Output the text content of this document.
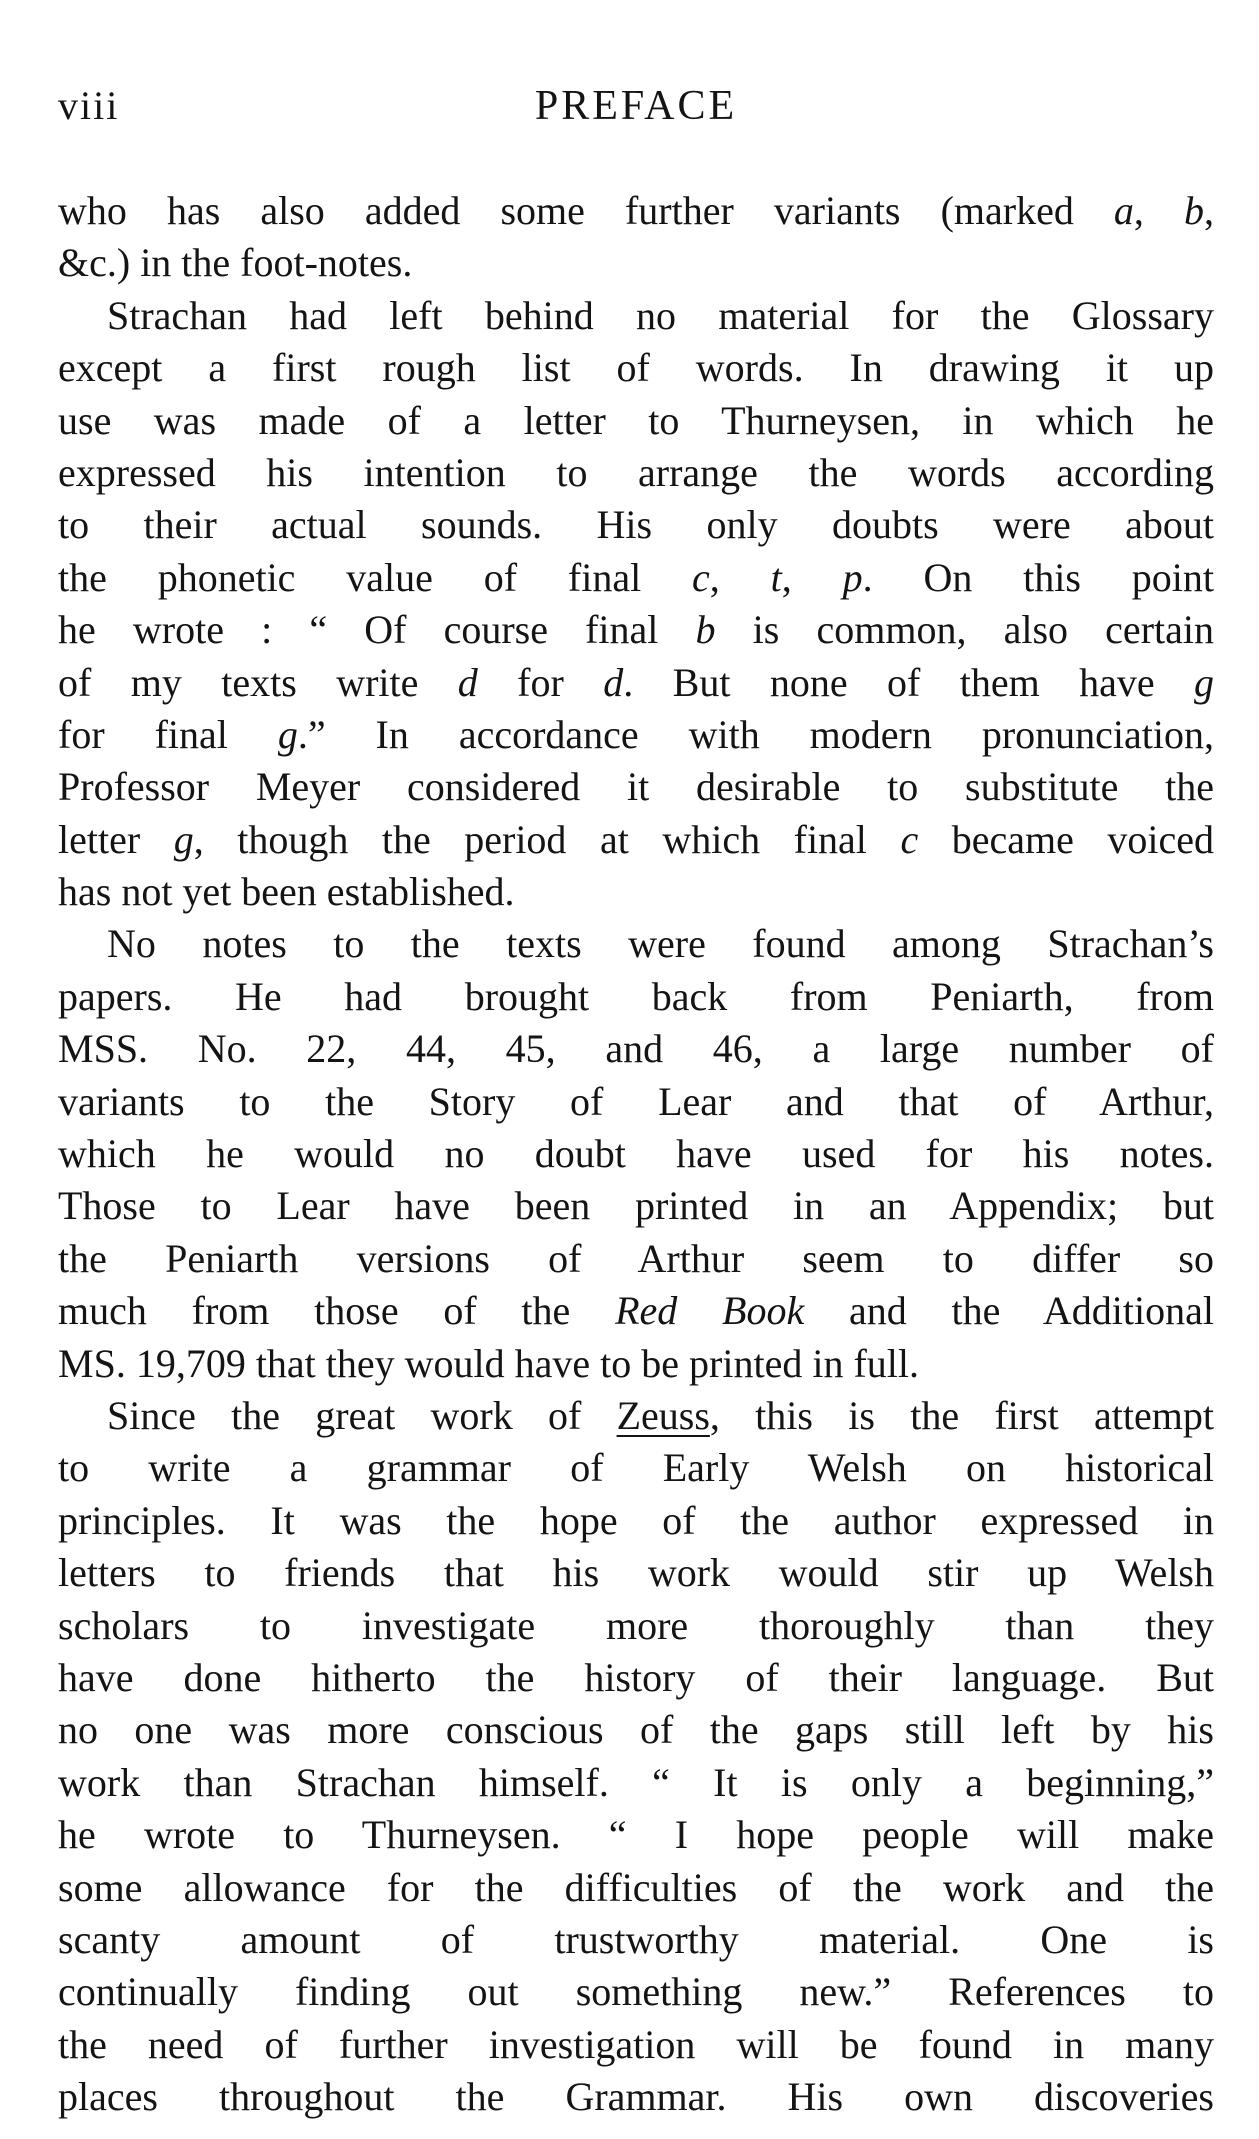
viii	PREFACE
who has also added some further variants (marked a, b,
&c.) in the foot-notes.
Strachan had left behind no material for the Glossary
except a first rough list of words. In drawing it up
use was made of a letter to Thurneysen, in which he
expressed his intention to arrange the words according
to their actual sounds. His only doubts were about
the phonetic value of final c, t, p. On this point
he wrote : “ Of course final b is common, also certain
of my texts write d for d. But none of them have g
for final g.” In accordance with modern pronunciation,
Professor Meyer considered it desirable to substitute the
letter g, though the period at which final c became voiced
has not yet been established.
No notes to the texts were found among Strachan’s
papers. He had brought back from Peniarth, from
MSS. No. 22, 44, 45, and 46, a large number of
variants to the Story of Lear and that of Arthur,
which he would no doubt have used for his notes.
Those to Lear have been printed in an Appendix; but
the Peniarth versions of Arthur seem to differ so
much from those of the Red Book and the Additional
MS. 19,709 that they would have to be printed in full.
Since the great work of Zeuss, this is the first attempt
to write a grammar of Early Welsh on historical
principles. It was the hope of the author expressed in
letters to friends that his work would stir up Welsh
scholars to investigate more thoroughly than they
have done hitherto the history of their language. But
no one was more conscious of the gaps still left by his
work than Strachan himself. “ It is only a beginning,”
he wrote to Thurneysen. “ I hope people will make
some allowance for the difficulties of the work and the
scanty amount of trustworthy material. One is
continually finding out something new.” References to
the need of further investigation will be found in many
places throughout the Grammar. His own discoveries
